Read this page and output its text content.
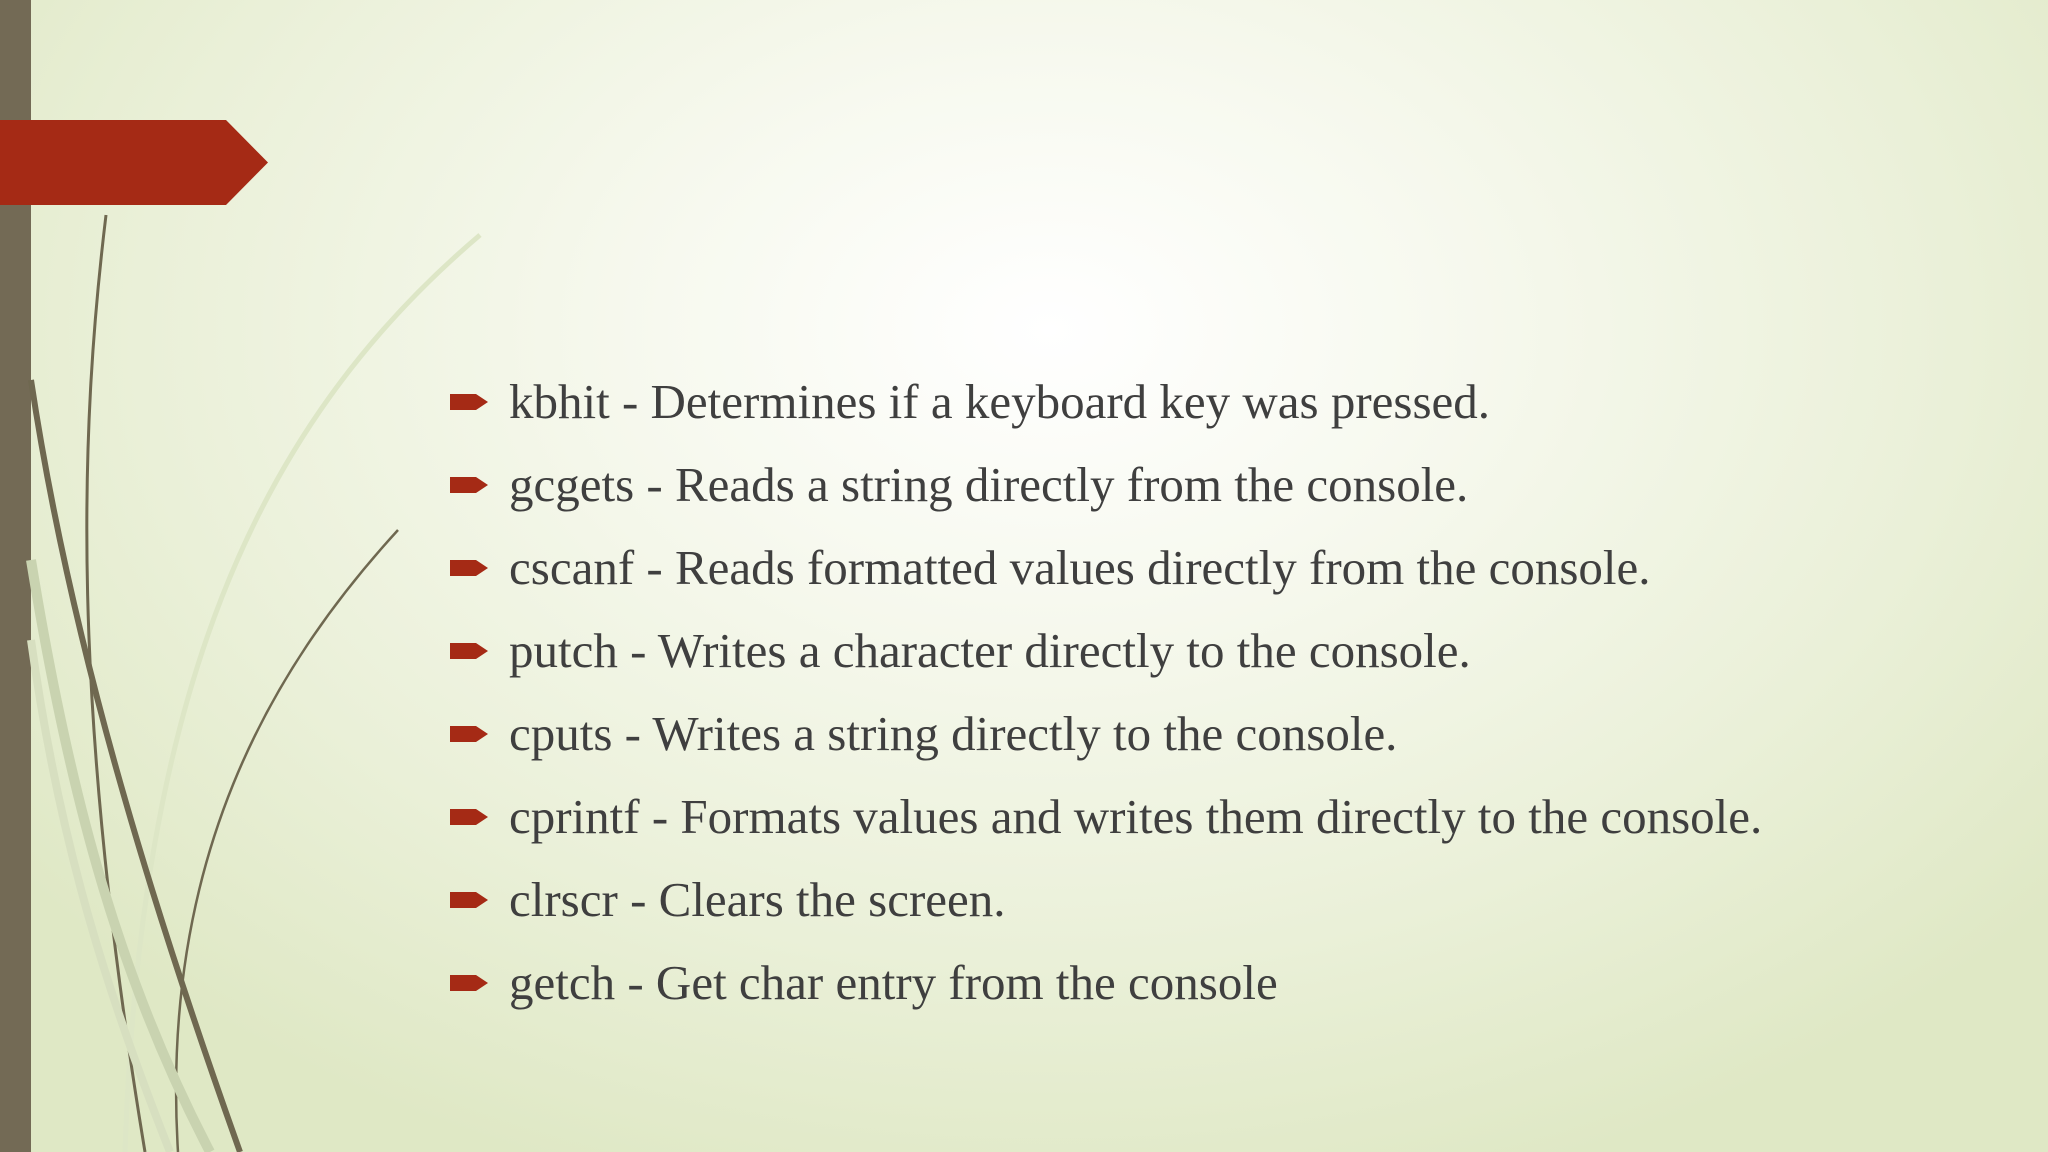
kbhit - Determines if a keyboard key was pressed.
gcgets - Reads a string directly from the console.
cscanf - Reads formatted values directly from the console.
putch - Writes a character directly to the console.
cputs - Writes a string directly to the console.
cprintf - Formats values and writes them directly to the console.
clrscr - Clears the screen.
getch - Get char entry from the console
